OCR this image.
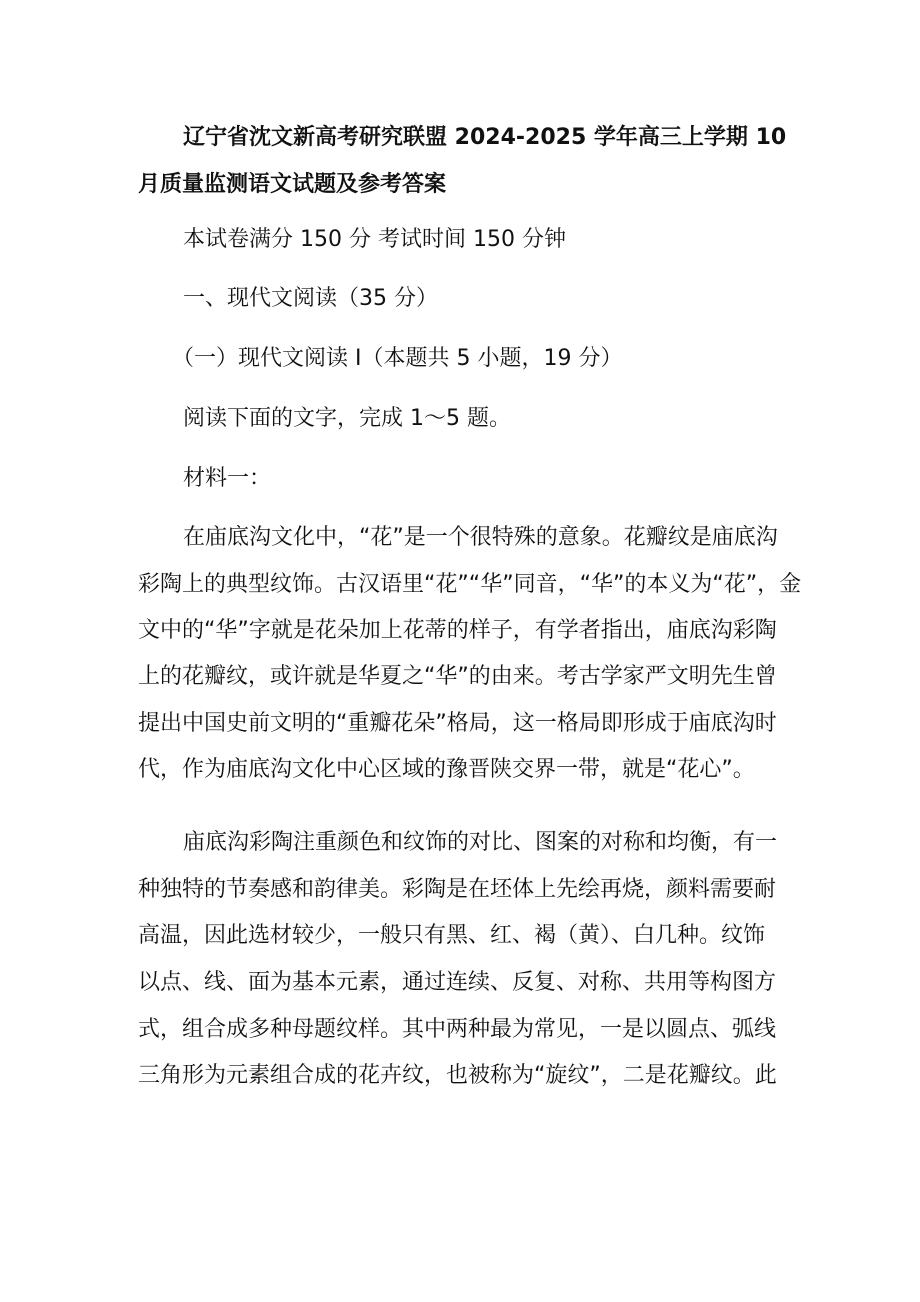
辽宁省沈文新高考研究联盟 2024-2025 学年高三上学期 10
月质量监测语文试题及参考答案
本试卷满分 150 分 考试时间 150 分钟
一、现代文阅读（35 分）
（一）现代文阅读 I（本题共 5 小题，19 分）
阅读下面的文字，完成 1～5 题。
材料一：
在庙底沟文化中，“花”是一个很特殊的意象。花瓣纹是庙底沟
彩陶上的典型纹饰。古汉语里“花”“华”同音，“华”的本义为“花”，金
文中的“华”字就是花朵加上花蒂的样子，有学者指出，庙底沟彩陶
上的花瓣纹，或许就是华夏之“华”的由来。考古学家严文明先生曾
提出中国史前文明的“重瓣花朵”格局，这一格局即形成于庙底沟时
代，作为庙底沟文化中心区域的豫晋陕交界一带，就是“花心”。
庙底沟彩陶注重颜色和纹饰的对比、图案的对称和均衡，有一
种独特的节奏感和韵律美。彩陶是在坯体上先绘再烧，颜料需要耐
高温，因此选材较少，一般只有黑、红、褐（黄）、白几种。纹饰
以点、线、面为基本元素，通过连续、反复、对称、共用等构图方
式，组合成多种母题纹样。其中两种最为常见，一是以圆点、弧线
三角形为元素组合成的花卉纹，也被称为“旋纹”，二是花瓣纹。此
